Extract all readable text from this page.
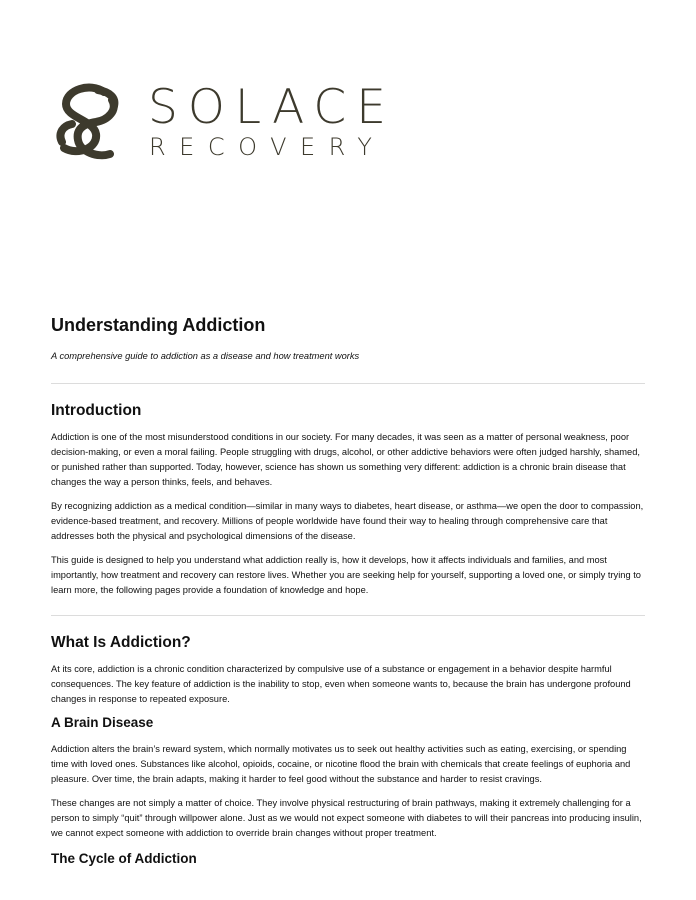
SOLACE
RECOVERY
Understanding Addiction

A comprehensive guide to addiction as a disease and how treatment works

Introduction

Addiction is one of the most misunderstood conditions in our society. For many decades, it was seen as a matter of personal weakness, poor decision-making, or even a moral failing. People struggling with drugs, alcohol, or other addictive behaviors were often judged harshly, shamed, or punished rather than supported. Today, however, science has shown us something very different: addiction is a chronic brain disease that changes the way a person thinks, feels, and behaves.

By recognizing addiction as a medical condition—similar in many ways to diabetes, heart disease, or asthma—we open the door to compassion, evidence-based treatment, and recovery. Millions of people worldwide have found their way to healing through comprehensive care that addresses both the physical and psychological dimensions of the disease.

This guide is designed to help you understand what addiction really is, how it develops, how it affects individuals and families, and most importantly, how treatment and recovery can restore lives. Whether you are seeking help for yourself, supporting a loved one, or simply trying to learn more, the following pages provide a foundation of knowledge and hope.

What Is Addiction?

At its core, addiction is a chronic condition characterized by compulsive use of a substance or engagement in a behavior despite harmful consequences. The key feature of addiction is the inability to stop, even when someone wants to, because the brain has undergone profound changes in response to repeated exposure.

A Brain Disease

Addiction alters the brain’s reward system, which normally motivates us to seek out healthy activities such as eating, exercising, or spending time with loved ones. Substances like alcohol, opioids, cocaine, or nicotine flood the brain with chemicals that create feelings of euphoria and pleasure. Over time, the brain adapts, making it harder to feel good without the substance and harder to resist cravings.

These changes are not simply a matter of choice. They involve physical restructuring of brain pathways, making it extremely challenging for a person to simply “quit” through willpower alone. Just as we would not expect someone with diabetes to will their pancreas into producing insulin, we cannot expect someone with addiction to override brain changes without proper treatment.

The Cycle of Addiction
